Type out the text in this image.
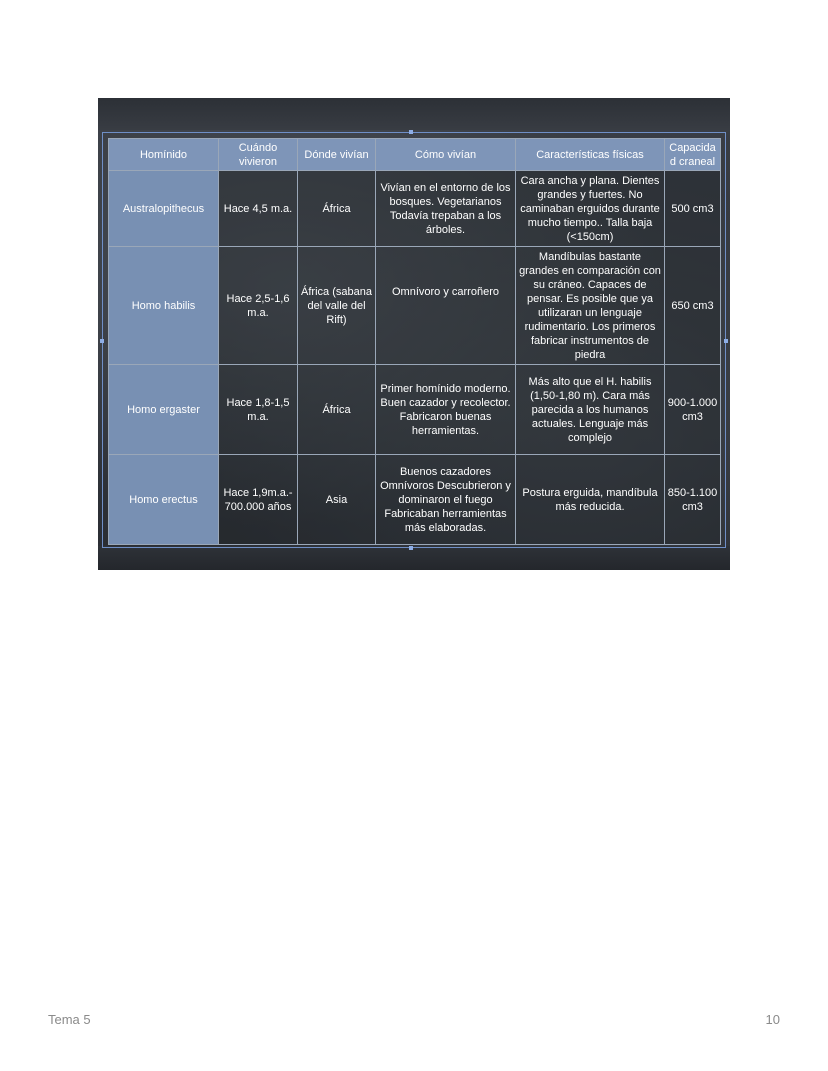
Homínido	Cuándo vivieron	Dónde vivían	Cómo vivían	Características físicas	Capacidad craneal
Australopithecus	Hace 4,5 m.a.	África	Vivían en el entorno de los bosques. Vegetarianos Todavía trepaban a los árboles.	Cara ancha y plana. Dientes grandes y fuertes. No caminaban erguidos durante mucho tiempo.. Talla baja (<150cm)	500 cm3
Homo habilis	Hace 2,5-1,6 m.a.	África (sabana del valle del Rift)	Omnívoro y carroñero	Mandíbulas bastante grandes en comparación con su cráneo. Capaces de pensar. Es posible que ya utilizaran un lenguaje rudimentario. Los primeros fabricar instrumentos de piedra	650 cm3
Homo ergaster	Hace 1,8-1,5 m.a.	África	Primer homínido moderno. Buen cazador y recolector. Fabricaron buenas herramientas.	Más alto que el H. habilis (1,50-1,80 m). Cara más parecida a los humanos actuales. Lenguaje más complejo	900-1.000 cm3
Homo erectus	Hace 1,9m.a.-700.000 años	Asia	Buenos cazadores Omnívoros Descubrieron y dominaron el fuego Fabricaban herramientas más elaboradas.	Postura erguida, mandíbula más reducida.	850-1.100 cm3
Tema 5	10
